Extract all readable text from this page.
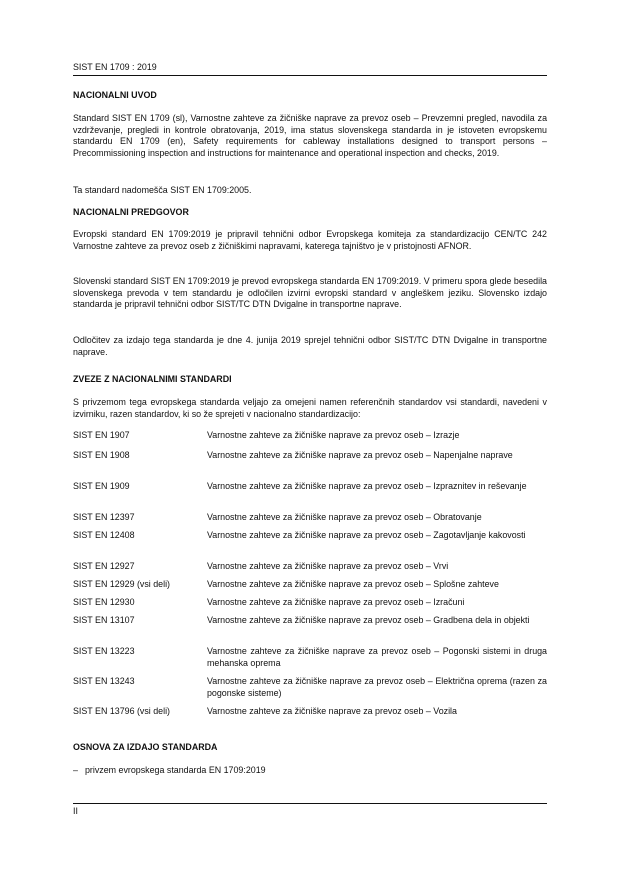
SIST EN 1709 : 2019
NACIONALNI UVOD
Standard SIST EN 1709 (sl), Varnostne zahteve za žičniške naprave za prevoz oseb – Prevzemni pregled, navodila za vzdrževanje, pregledi in kontrole obratovanja, 2019, ima status slovenskega standarda in je istoveten evropskemu standardu EN 1709 (en), Safety requirements for cableway installations designed to transport persons – Precommissioning inspection and instructions for maintenance and operational inspection and checks, 2019.
Ta standard nadomešča SIST EN 1709:2005.
NACIONALNI PREDGOVOR
Evropski standard EN 1709:2019 je pripravil tehnični odbor Evropskega komiteja za standardizacijo CEN/TC 242 Varnostne zahteve za prevoz oseb z žičniškimi napravami, katerega tajništvo je v pristojnosti AFNOR.
Slovenski standard SIST EN 1709:2019 je prevod evropskega standarda EN 1709:2019. V primeru spora glede besedila slovenskega prevoda v tem standardu je odločilen izvirni evropski standard v angleškem jeziku. Slovensko izdajo standarda je pripravil tehnični odbor SIST/TC DTN Dvigalne in transportne naprave.
Odločitev za izdajo tega standarda je dne 4. junija 2019 sprejel tehnični odbor SIST/TC DTN Dvigalne in transportne naprave.
ZVEZE Z NACIONALNIMI STANDARDI
S privzemom tega evropskega standarda veljajo za omejeni namen referenčnih standardov vsi standardi, navedeni v izvirniku, razen standardov, ki so že sprejeti v nacionalno standardizacijo:
SIST EN 1907	Varnostne zahteve za žičniške naprave za prevoz oseb – Izrazje
SIST EN 1908	Varnostne zahteve za žičniške naprave za prevoz oseb – Napenjalne naprave
SIST EN 1909	Varnostne zahteve za žičniške naprave za prevoz oseb – Izpraznitev in reševanje
SIST EN 12397	Varnostne zahteve za žičniške naprave za prevoz oseb – Obratovanje
SIST EN 12408	Varnostne zahteve za žičniške naprave za prevoz oseb – Zagotavljanje kakovosti
SIST EN 12927	Varnostne zahteve za žičniške naprave za prevoz oseb – Vrvi
SIST EN 12929 (vsi deli)	Varnostne zahteve za žičniške naprave za prevoz oseb – Splošne zahteve
SIST EN 12930	Varnostne zahteve za žičniške naprave za prevoz oseb – Izračuni
SIST EN 13107	Varnostne zahteve za žičniške naprave za prevoz oseb – Gradbena dela in objekti
SIST EN 13223	Varnostne zahteve za žičniške naprave za prevoz oseb – Pogonski sistemi in druga mehanska oprema
SIST EN 13243	Varnostne zahteve za žičniške naprave za prevoz oseb – Električna oprema (razen za pogonske sisteme)
SIST EN 13796 (vsi deli)	Varnostne zahteve za žičniške naprave za prevoz oseb – Vozila
OSNOVA ZA IZDAJO STANDARDA
– privzem evropskega standarda EN 1709:2019
II
